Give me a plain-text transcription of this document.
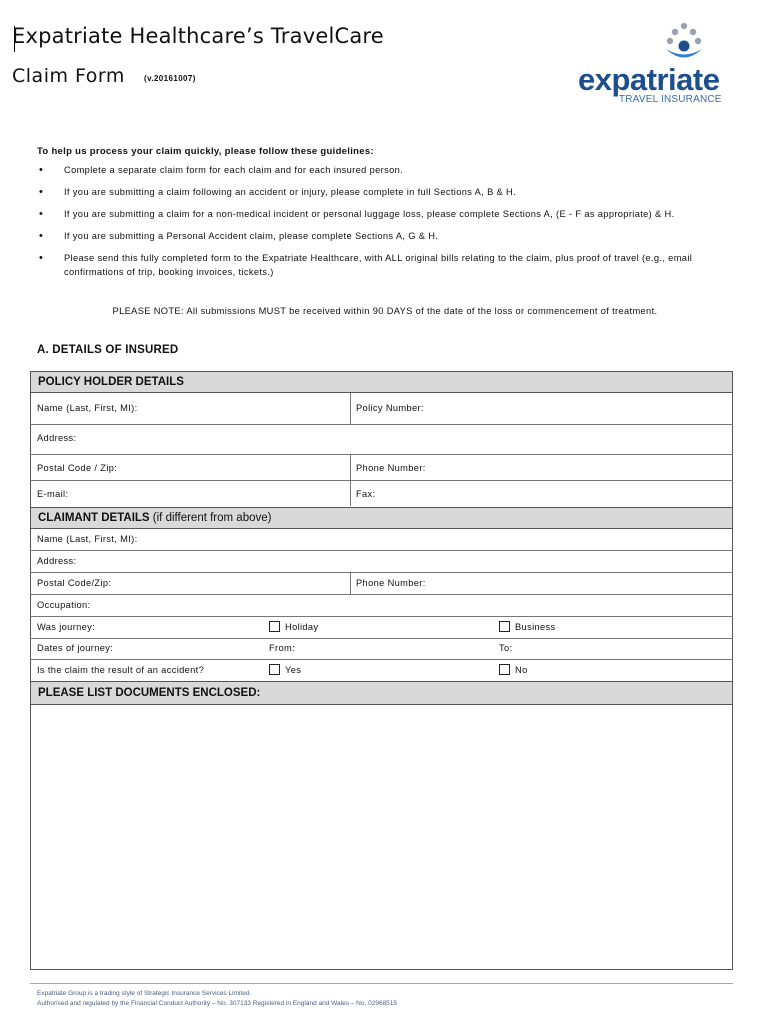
Expatriate Healthcare’s TravelCare
Claim Form (v.20161007)	expatriate
TRAVEL INSURANCE
To help us process your claim quickly, please follow these guidelines:
• Complete a separate claim form for each claim and for each insured person.
• If you are submitting a claim following an accident or injury, please complete in full Sections A, B & H.
• If you are submitting a claim for a non-medical incident or personal luggage loss, please complete Sections A, (E - F as appropriate) & H.
• If you are submitting a Personal Accident claim, please complete Sections A, G & H.
• Please send this fully completed form to the Expatriate Healthcare, with ALL original bills relating to the claim, plus proof of travel (e.g., email confirmations of trip, booking invoices, tickets.)
PLEASE NOTE: All submissions MUST be received within 90 DAYS of the date of the loss or commencement of treatment.
A. DETAILS OF INSURED
POLICY HOLDER DETAILS
Name (Last, First, MI):	Policy Number:
Address:
Postal Code / Zip:	Phone Number:
E-mail:	Fax:
CLAIMANT DETAILS (if different from above)
Name (Last, First, MI):
Address:
Postal Code/Zip:	Phone Number:
Occupation:
Was journey:	Holiday	Business
Dates of journey:	From:	To:
Is the claim the result of an accident?	Yes	No
PLEASE LIST DOCUMENTS ENCLOSED:
Expatriate Group is a trading style of Strategic Insurance Services Limited.
Authorised and regulated by the Financial Conduct Authority – No. 307133 Registered in England and Wales – No. 02968515
